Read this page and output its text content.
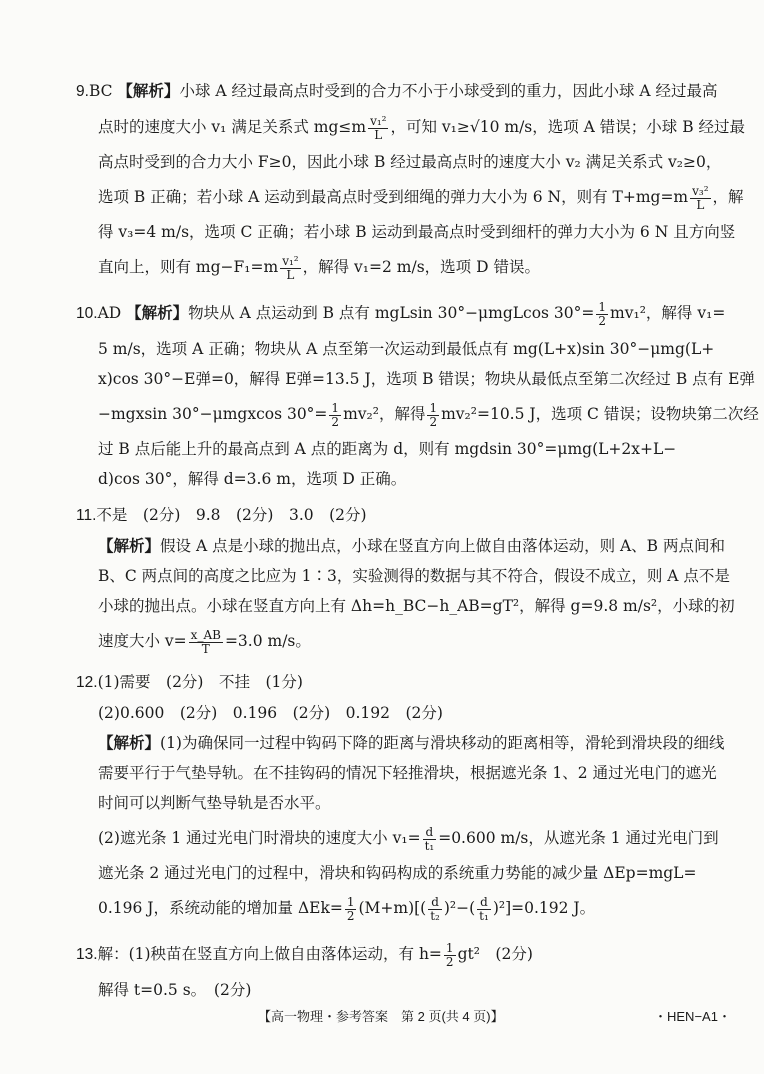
9.BC 【解析】小球 A 经过最高点时受到的合力不小于小球受到的重力，因此小球 A 经过最高
点时的速度大小 v₁ 满足关系式 $mg\le m \frac{\text{v₁²}}{L}$ ，可知 v₁≥√10 m/s，选项 A 错误；小球 B 经过最
高点时受到的合力大小 F≥0，因此小球 B 经过最高点时的速度大小 v₂ 满足关系式 v₂≥0，
选项 B 正确；若小球 A 运动到最高点时受到细绳的弹力大小为 6 N，则有 $T+mg=m \frac{\text{v₃²}}{L}$ ，解
得 v₃=4 m/s，选项 C 正确；若小球 B 运动到最高点时受到细杆的弹力大小为 6 N 且方向竖
直向上，则有 $mg-F_1=m \frac{\text{v₁²}}{L}$ ，解得 v₁=2 m/s，选项 D 错误。
10.AD 【解析】物块从 A 点运动到 B 点有 mgLsin 30°−μmgLcos $30^\circ= \frac{1}{2} mv_1^2$，解得 v₁=
5 m/s，选项 A 正确；物块从 A 点至第一次运动到最低点有 mg(L+x)sin 30°−μmg(L+
x)cos 30°−E弹=0，解得 E弹=13.5 J，选项 B 错误；物块从最低点至第二次经过 B 点有 E弹
−mgxsin 30°−μmgxcos $30^\circ= \frac{1}{2} mv_2^2$，解得 $\frac{1}{2} mv_2^2=10.5$ J，选项 C 错误；设物块第二次经
过 B 点后能上升的最高点到 A 点的距离为 d，则有 mgdsin 30°=μmg(L+2x+L−
d)cos 30°，解得 d=3.6 m，选项 D 正确。
11.不是　(2分)　9.8　(2分)　3.0　(2分)
【解析】假设 A 点是小球的抛出点，小球在竖直方向上做自由落体运动，则 A、B 两点间和
B、C 两点间的高度之比应为 1∶3，实验测得的数据与其不符合，假设不成立，则 A 点不是
小球的抛出点。小球在竖直方向上有 Δh=h_BC−h_AB=gT²，解得 g=9.8 m/s²，小球的初
速度大小 $v= \frac{x\_AB}{T} =3.0$ m/s。
12.(1)需要　(2分)　不挂　(1分)
(2)0.600　(2分)　0.196　(2分)　0.192　(2分)
【解析】(1)为确保同一过程中钩码下降的距离与滑块移动的距离相等，滑轮到滑块段的细线
需要平行于气垫导轨。在不挂钩码的情况下轻推滑块，根据遮光条 1、2 通过光电门的遮光
时间可以判断气垫导轨是否水平。
(2)遮光条 1 通过光电门时滑块的速度大小 $v_1= \frac{d}{\text{t₁}} =0.600$ m/s，从遮光条 1 通过光电门到
遮光条 2 通过光电门的过程中，滑块和钩码构成的系统重力势能的减少量 ΔEp=mgL=
0.196 J，系统动能的增加量 $\Delta Ek= \frac{1}{2} (M+m)[( \frac{d}{\text{t₂}} )^2-( \frac{d}{\text{t₁}} )^2]=0.192$ J。
13.解：(1)秧苗在竖直方向上做自由落体运动，有 $h= \frac{1}{2} gt^2$　(2分)
解得 t=0.5 s。　(2分)
【高一物理・参考答案　第 2 页(共 4 页)】	・HEN−A1・
